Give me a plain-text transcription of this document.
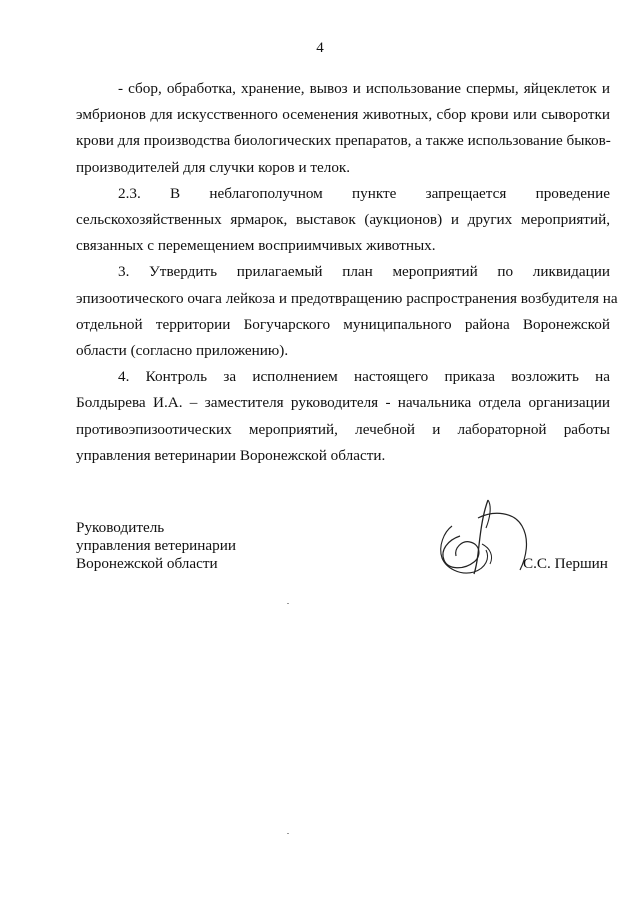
4
- сбор, обработка, хранение, вывоз и использование спермы, яйцеклеток и
эмбрионов для искусственного осеменения животных, сбор крови или сыворотки
крови для производства биологических препаратов, а также использование быков-
производителей для случки коров и телок.
2.3. В неблагополучном пункте запрещается проведение
сельскохозяйственных ярмарок, выставок (аукционов) и других мероприятий,
связанных с перемещением восприимчивых животных.
3. Утвердить прилагаемый план мероприятий по ликвидации
эпизоотического очага лейкоза и предотвращению распространения возбудителя на
отдельной территории Богучарского муниципального района Воронежской
области (согласно приложению).
4. Контроль за исполнением настоящего приказа возложить на
Болдырева И.А. – заместителя руководителя - начальника отдела организации
противоэпизоотических мероприятий, лечебной и лабораторной работы
управления ветеринарии Воронежской области.
Руководитель
управления ветеринарии
Воронежской области	С.С. Першин
